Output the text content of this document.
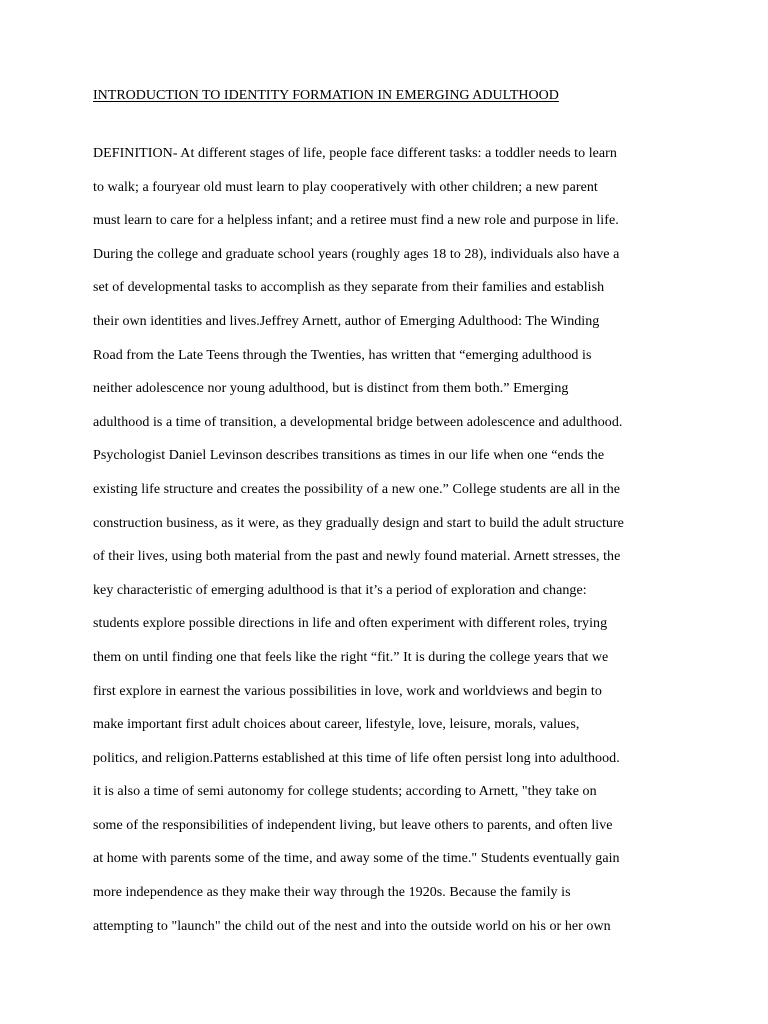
INTRODUCTION TO IDENTITY FORMATION IN EMERGING ADULTHOOD
DEFINITION- At different stages of life, people face different tasks: a toddler needs to learn
to walk; a fouryear old must learn to play cooperatively with other children; a new parent
must learn to care for a helpless infant; and a retiree must find a new role and purpose in life.
During the college and graduate school years (roughly ages 18 to 28), individuals also have a
set of developmental tasks to accomplish as they separate from their families and establish
their own identities and lives.Jeffrey Arnett, author of Emerging Adulthood: The Winding
Road from the Late Teens through the Twenties, has written that “emerging adulthood is
neither adolescence nor young adulthood, but is distinct from them both.” Emerging
adulthood is a time of transition, a developmental bridge between adolescence and adulthood.
Psychologist Daniel Levinson describes transitions as times in our life when one “ends the
existing life structure and creates the possibility of a new one.” College students are all in the
construction business, as it were, as they gradually design and start to build the adult structure
of their lives, using both material from the past and newly found material. Arnett stresses, the
key characteristic of emerging adulthood is that it’s a period of exploration and change:
students explore possible directions in life and often experiment with different roles, trying
them on until finding one that feels like the right “fit.” It is during the college years that we
first explore in earnest the various possibilities in love, work and worldviews and begin to
make important first adult choices about career, lifestyle, love, leisure, morals, values,
politics, and religion.Patterns established at this time of life often persist long into adulthood.
it is also a time of semi autonomy for college students; according to Arnett, "they take on
some of the responsibilities of independent living, but leave others to parents, and often live
at home with parents some of the time, and away some of the time." Students eventually gain
more independence as they make their way through the 1920s. Because the family is
attempting to "launch" the child out of the nest and into the outside world on his or her own
